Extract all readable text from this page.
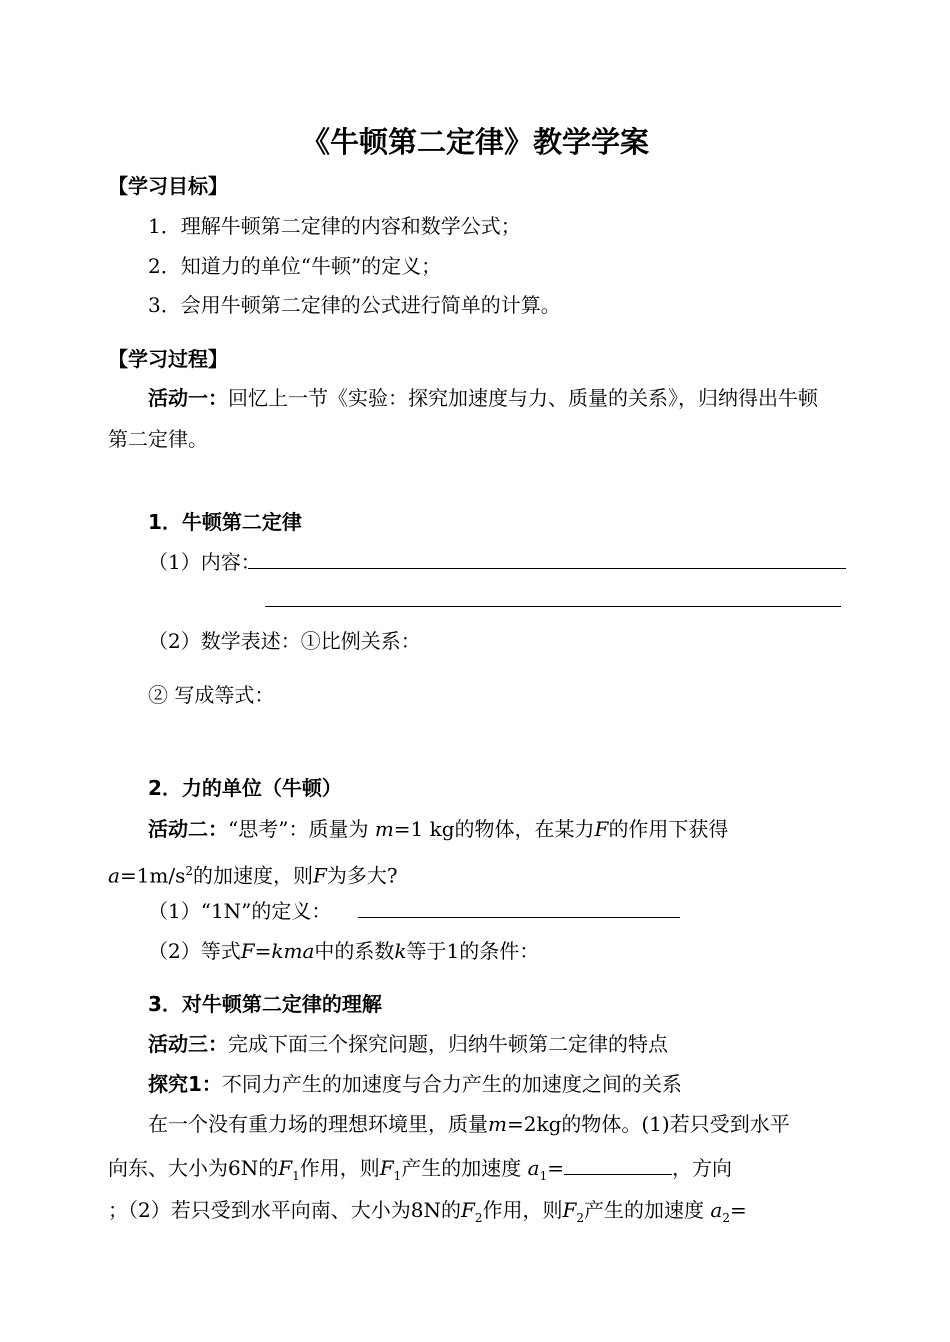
《牛顿第二定律》教学学案
【学习目标】
1．理解牛顿第二定律的内容和数学公式；
2．知道力的单位“牛顿”的定义；
3．会用牛顿第二定律的公式进行简单的计算。
【学习过程】
活动一：回忆上一节《实验：探究加速度与力、质量的关系》，归纳得出牛顿
第二定律。
1．牛顿第二定律
（1）内容：
（2）数学表述：①比例关系：
② 写成等式：
2．力的单位（牛顿）
活动二：“思考”：质量为 m=1 kg的物体，在某力F的作用下获得
$a=1m/s^2$的加速度，则F为多大?
（1）“1N”的定义：
（2）等式F=kma中的系数k等于1的条件：
3．对牛顿第二定律的理解
活动三：完成下面三个探究问题，归纳牛顿第二定律的特点
探究1：不同力产生的加速度与合力产生的加速度之间的关系
在一个没有重力场的理想环境里，质量m=2kg的物体。(1)若只受到水平
向东、大小为6N的$F_1$作用，则$F_1$产生的加速度 $a_1=$	，方向
；（2）若只受到水平向南、大小为8N的$F_2$作用，则$F_2$产生的加速度 $a_2=$
